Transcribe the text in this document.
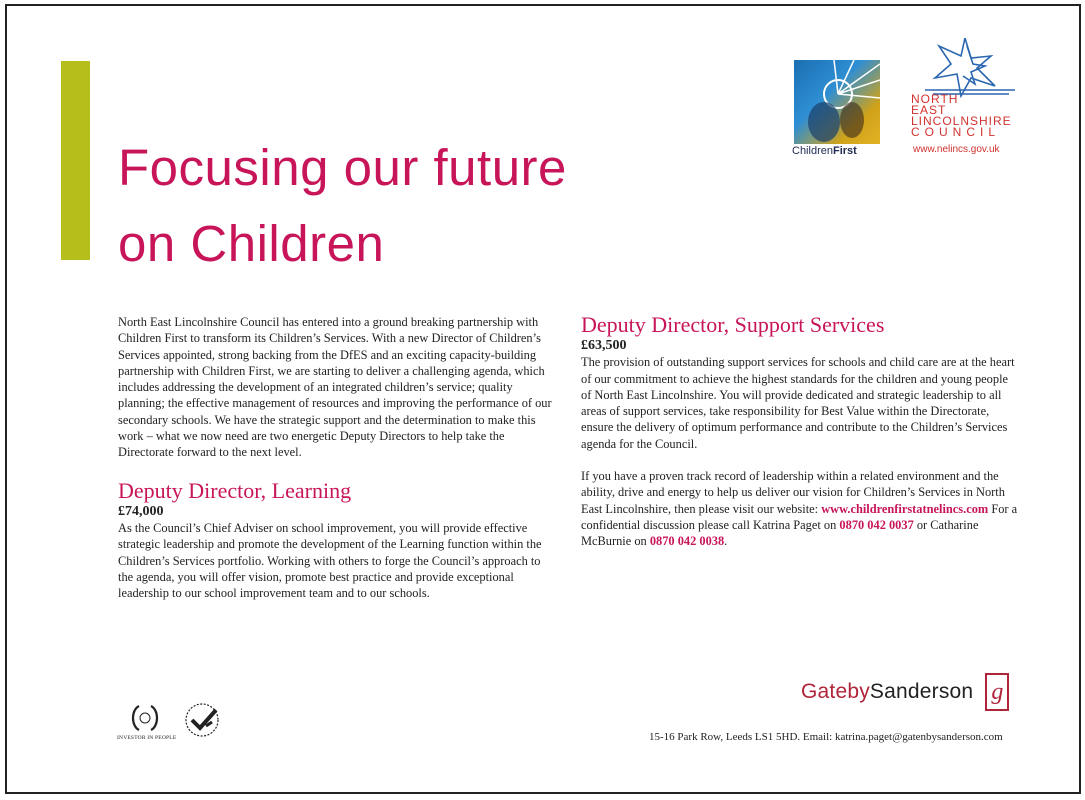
Focusing our future
on Children
ChildrenFirst
NORTH
EAST
LINCOLNSHIRE
COUNCIL
www.nelincs.gov.uk

North East Lincolnshire Council has entered into a ground breaking partnership with Children First to transform its Children’s Services. With a new Director of Children’s Services appointed, strong backing from the DfES and an exciting capacity-building partnership with Children First, we are starting to deliver a challenging agenda, which includes addressing the development of an integrated children’s service; quality planning; the effective management of resources and improving the performance of our secondary schools. We have the strategic support and the determination to make this work – what we now need are two energetic Deputy Directors to help take the Directorate forward to the next level.

Deputy Director, Learning

£74,000

As the Council’s Chief Adviser on school improvement, you will provide effective strategic leadership and promote the development of the Learning function within the Children’s Services portfolio. Working with others to forge the Council’s approach to the agenda, you will offer vision, promote best practice and provide exceptional leadership to our school improvement team and to our schools.

Deputy Director, Support Services

£63,500

The provision of outstanding support services for schools and child care are at the heart of our commitment to achieve the highest standards for the children and young people of North East Lincolnshire. You will provide dedicated and strategic leadership to all areas of support services, take responsibility for Best Value within the Directorate, ensure the delivery of optimum performance and contribute to the Children’s Services agenda for the Council.

If you have a proven track record of leadership within a related environment and the ability, drive and energy to help us deliver our vision for Children’s Services in North East Lincolnshire, then please visit our website: www.childrenfirstatnelincs.com For a confidential discussion please call Katrina Paget on 0870 042 0037 or Catharine McBurnie on 0870 042 0038.

GatebySanderson g
15-16 Park Row, Leeds LS1 5HD. Email: katrina.paget@gatenbysanderson.com
INVESTOR IN PEOPLE
